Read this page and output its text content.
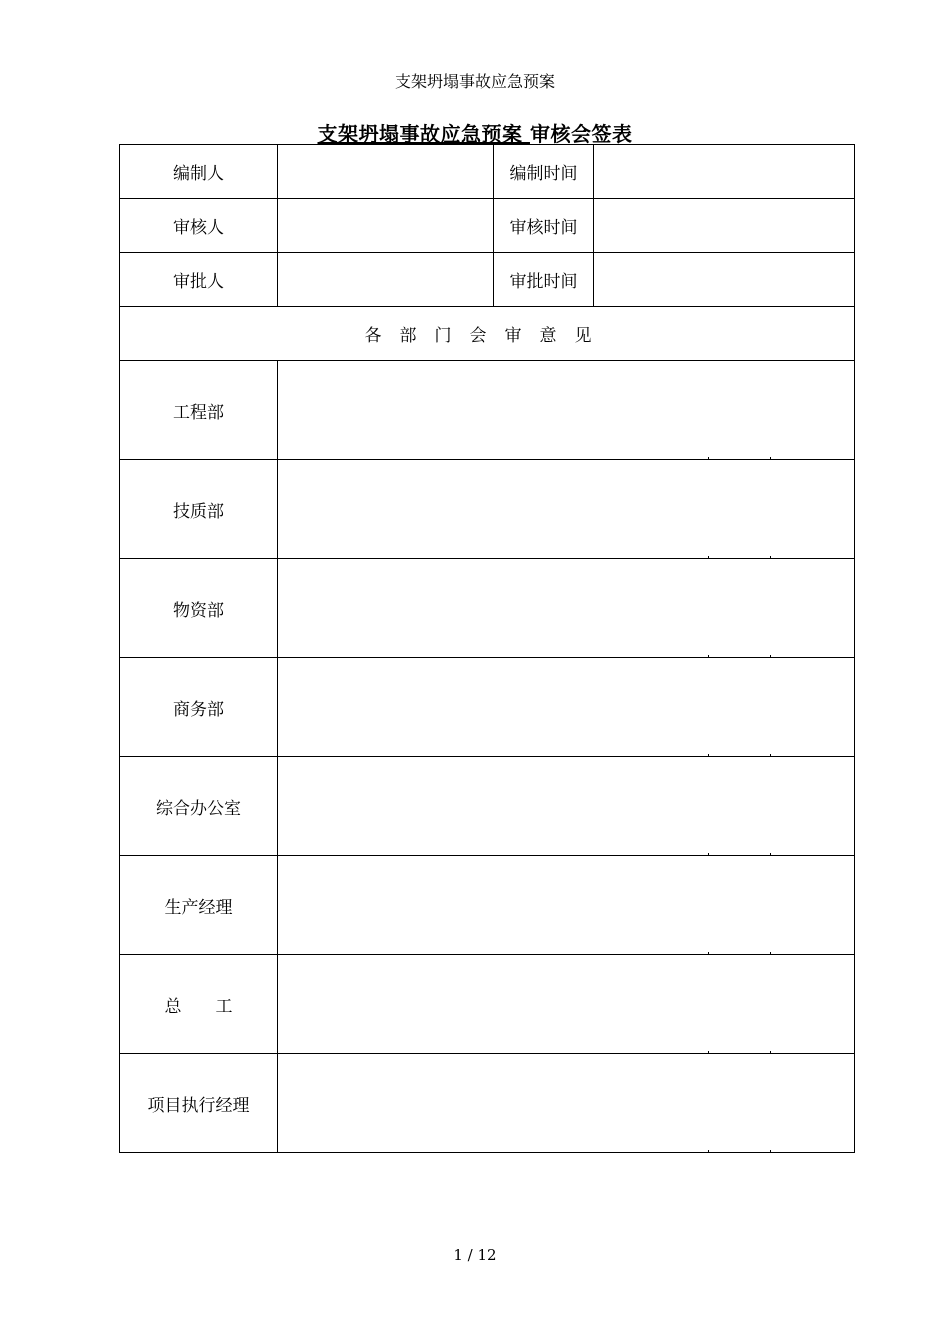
支架坍塌事故应急预案
支架坍塌事故应急预案 审核会签表
编制人		编制时间	
审核人		审核时间	
审批人		审批时间	
各部门会审意见			
工程部			

技质部			

物资部			

商务部			

综合办公室			

生产经理			

总　　工			

项目执行经理			
1 / 12
